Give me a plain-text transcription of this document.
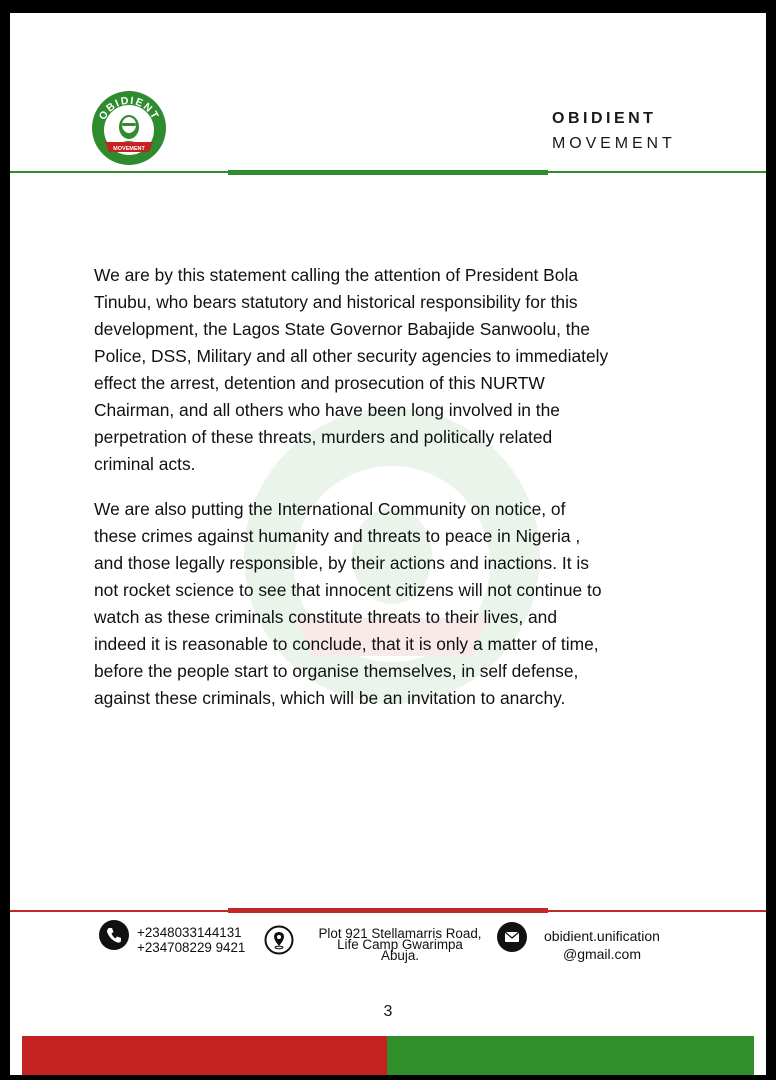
OBIDIENT
MOVEMENT
OBIDIENT
MOVEMENT

We are by this statement calling the attention of President Bola
Tinubu, who bears statutory and historical responsibility for this
development, the Lagos State Governor Babajide Sanwoolu, the
Police, DSS, Military and all other security agencies to immediately
effect the arrest, detention and prosecution of this NURTW
Chairman, and all others who have been long involved in the
perpetration of these threats, murders and politically related
criminal acts.

We are also putting the International Community on notice, of
these crimes against humanity and threats to peace in Nigeria ,
and those legally responsible, by their actions and inactions. It is
not rocket science to see that innocent citizens will not continue to
watch as these criminals constitute threats to their lives, and
indeed it is reasonable to conclude, that it is only a matter of time,
before the people start to organise themselves, in self defense,
against these criminals, which will be an invitation to anarchy.

+2348033144131
+234708229 9421
Plot 921 Stellamarris Road,
Life Camp Gwarimpa
Abuja.
obidient.unification
@gmail.com
3
